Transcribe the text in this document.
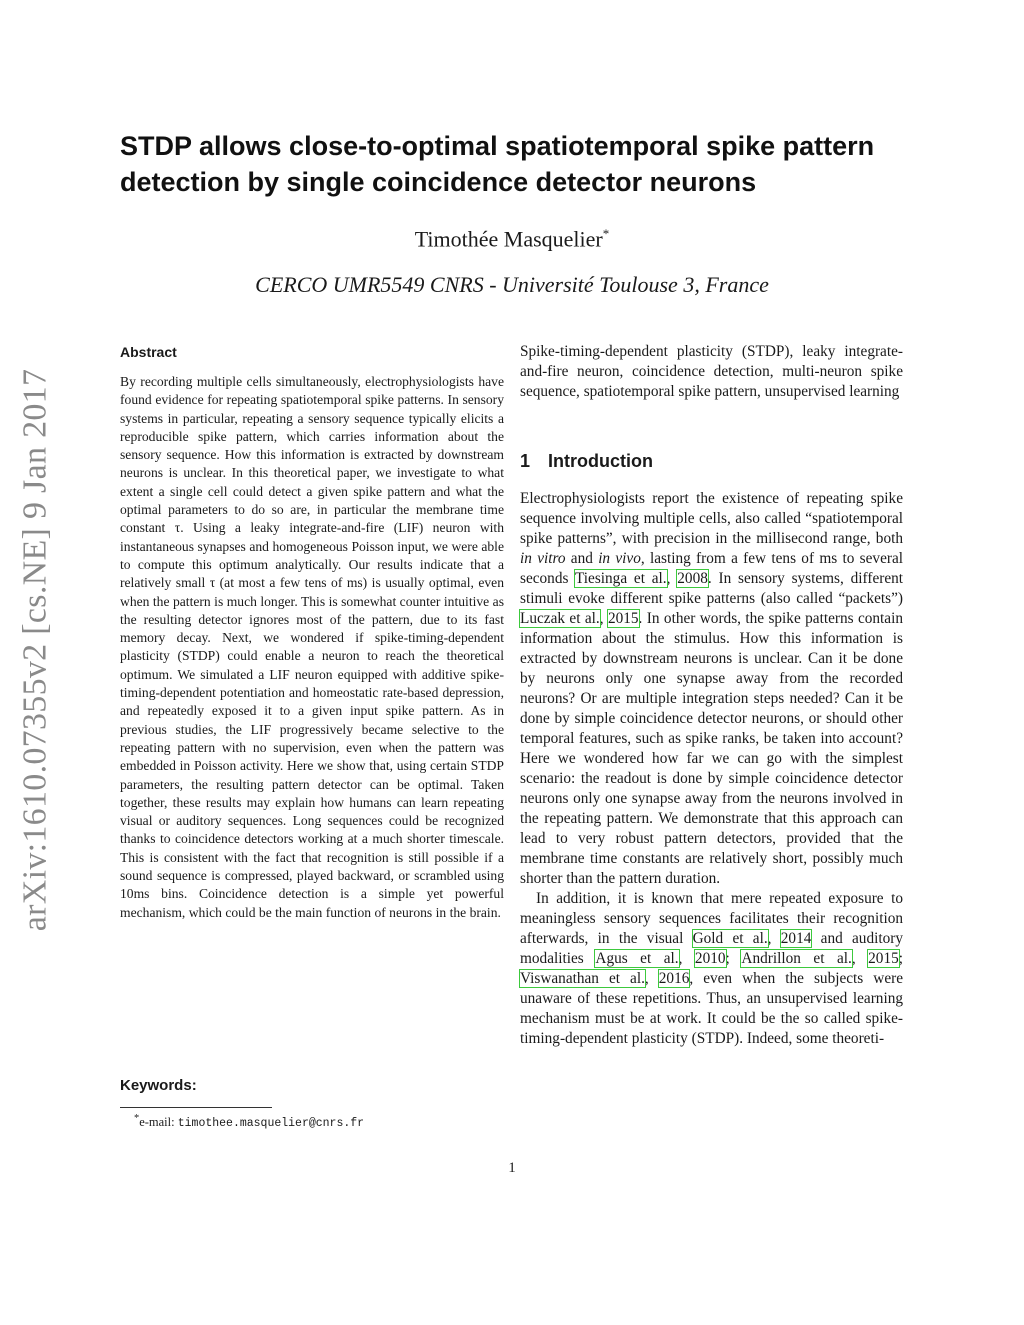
arXiv:1610.07355v2 [cs.NE] 9 Jan 2017
STDP allows close-to-optimal spatiotemporal spike pattern detection by single coincidence detector neurons
Timothée Masquelier*
CERCO UMR5549 CNRS - Université Toulouse 3, France
Abstract
By recording multiple cells simultaneously, electrophysiologists have found evidence for repeating spatiotemporal spike patterns. In sensory systems in particular, repeating a sensory sequence typically elicits a reproducible spike pattern, which carries information about the sensory sequence. How this information is extracted by downstream neurons is unclear. In this theoretical paper, we investigate to what extent a single cell could detect a given spike pattern and what the optimal parameters to do so are, in particular the membrane time constant τ. Using a leaky integrate-and-fire (LIF) neuron with instantaneous synapses and homogeneous Poisson input, we were able to compute this optimum analytically. Our results indicate that a relatively small τ (at most a few tens of ms) is usually optimal, even when the pattern is much longer. This is somewhat counter intuitive as the resulting detector ignores most of the pattern, due to its fast memory decay. Next, we wondered if spike-timing-dependent plasticity (STDP) could enable a neuron to reach the theoretical optimum. We simulated a LIF neuron equipped with additive spike-timing-dependent potentiation and homeostatic rate-based depression, and repeatedly exposed it to a given input spike pattern. As in previous studies, the LIF progressively became selective to the repeating pattern with no supervision, even when the pattern was embedded in Poisson activity. Here we show that, using certain STDP parameters, the resulting pattern detector can be optimal. Taken together, these results may explain how humans can learn repeating visual or auditory sequences. Long sequences could be recognized thanks to coincidence detectors working at a much shorter timescale. This is consistent with the fact that recognition is still possible if a sound sequence is compressed, played backward, or scrambled using 10ms bins. Coincidence detection is a simple yet powerful mechanism, which could be the main function of neurons in the brain.
Keywords:
*e-mail: timothee.masquelier@cnrs.fr
Spike-timing-dependent plasticity (STDP), leaky integrate-and-fire neuron, coincidence detection, multi-neuron spike sequence, spatiotemporal spike pattern, unsupervised learning
1 Introduction

Electrophysiologists report the existence of repeating spike sequence involving multiple cells, also called “spatiotemporal spike patterns”, with precision in the millisecond range, both in vitro and in vivo, lasting from a few tens of ms to several seconds Tiesinga et al., 2008. In sensory systems, different stimuli evoke different spike patterns (also called “packets”) Luczak et al., 2015. In other words, the spike patterns contain information about the stimulus. How this information is extracted by downstream neurons is unclear. Can it be done by neurons only one synapse away from the recorded neurons? Or are multiple integration steps needed? Can it be done by simple coincidence detector neurons, or should other temporal features, such as spike ranks, be taken into account? Here we wondered how far we can go with the simplest scenario: the readout is done by simple coincidence detector neurons only one synapse away from the neurons involved in the repeating pattern. We demonstrate that this approach can lead to very robust pattern detectors, provided that the membrane time constants are relatively short, possibly much shorter than the pattern duration.

In addition, it is known that mere repeated exposure to meaningless sensory sequences facilitates their recognition afterwards, in the visual Gold et al., 2014 and auditory modalities Agus et al., 2010; Andrillon et al., 2015; Viswanathan et al., 2016, even when the subjects were unaware of these repetitions. Thus, an unsupervised learning mechanism must be at work. It could be the so called spike-timing-dependent plasticity (STDP). Indeed, some theoreti-

1
